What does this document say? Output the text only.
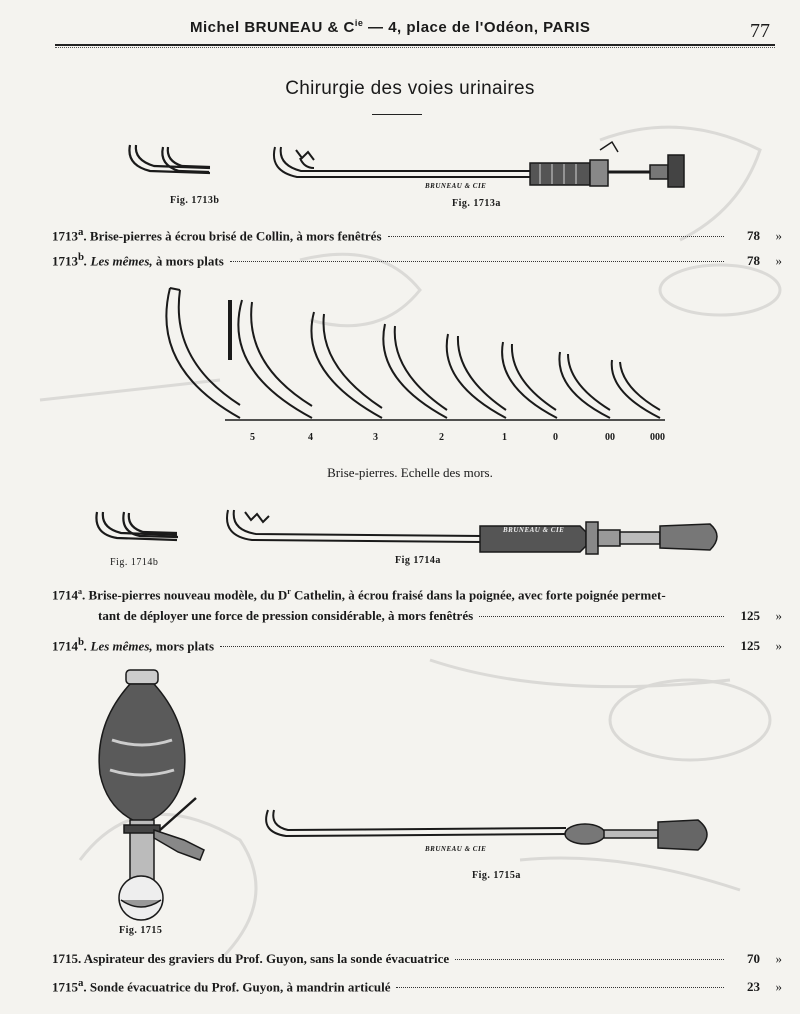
Michel BRUNEAU & $C^{ie}$ — 4, place de l'Odéon, PARIS	77
Chirurgie des voies urinaires
Fig. 1713b
BRUNEAU & CIE
Fig. 1713a
1713$^a$. Brise-pierres à écrou brisé de Collin, à mors fenêtrés	78	»
1713$^b$. Les mêmes, à mors plats	78	»
5	4	3	2	1	0	00	000
Brise-pierres. Echelle des mors.
Fig. 1714b
BRUNEAU & CIE
Fig 1714a
1714$^a$. Brise-pierres nouveau modèle, du $D^r$ Cathelin, à écrou fraisé dans la poignée, avec forte poignée permet-
tant de déployer une force de pression considérable, à mors fenêtrés	125	»
1714$^b$. Les mêmes, mors plats	125	»
Fig. 1715
BRUNEAU & CIE
Fig. 1715a
1715. Aspirateur des graviers du Prof. Guyon, sans la sonde évacuatrice	70	»
1715$^a$. Sonde évacuatrice du Prof. Guyon, à mandrin articulé	23	»
